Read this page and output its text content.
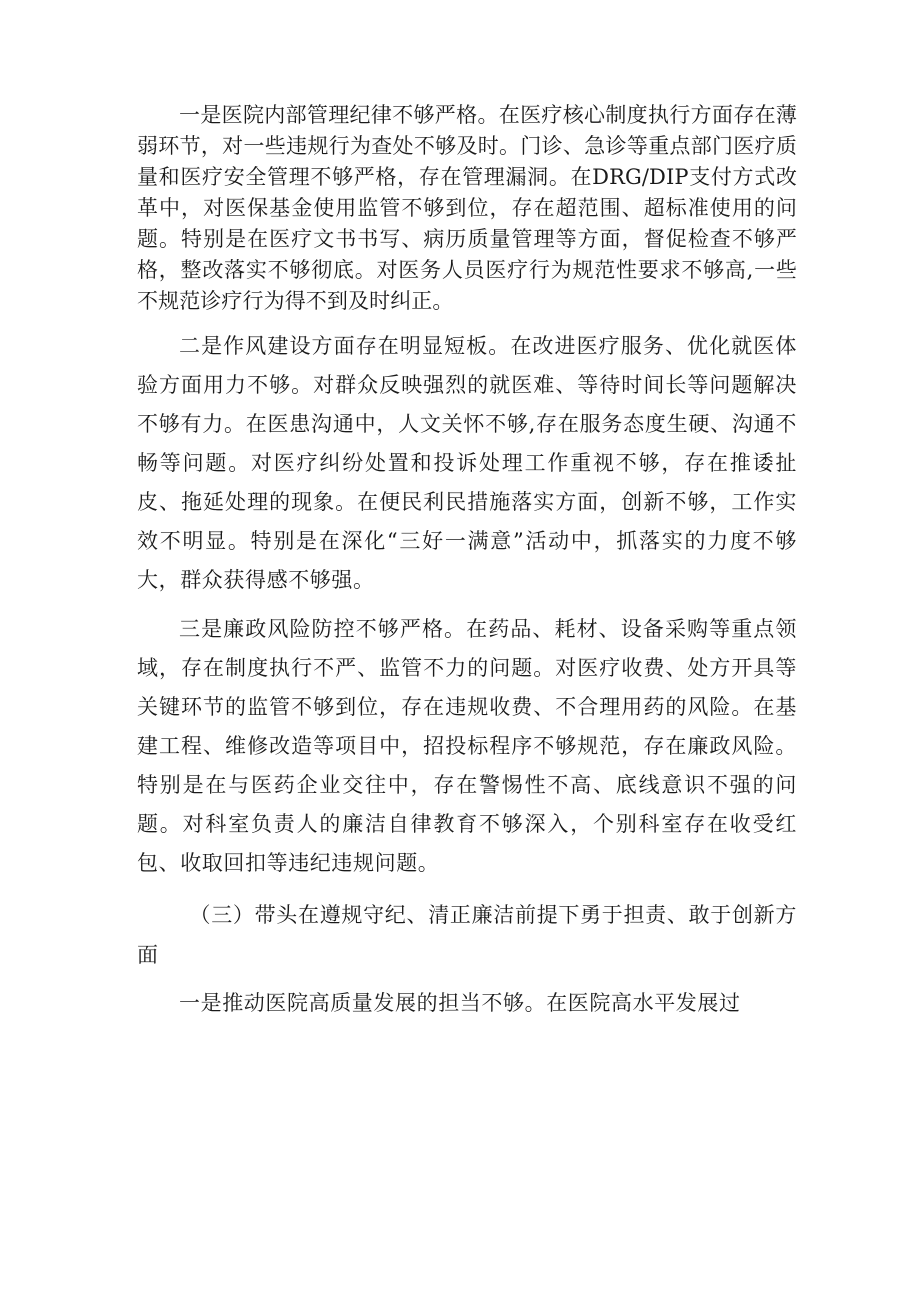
一是医院内部管理纪律不够严格。在医疗核心制度执行方面存在薄弱环节，对一些违规行为查处不够及时。门诊、急诊等重点部门医疗质量和医疗安全管理不够严格，存在管理漏洞。在DRG/DIP支付方式改革中，对医保基金使用监管不够到位，存在超范围、超标准使用的问题。特别是在医疗文书书写、病历质量管理等方面，督促检查不够严格，整改落实不够彻底。对医务人员医疗行为规范性要求不够高,一些不规范诊疗行为得不到及时纠正。

二是作风建设方面存在明显短板。在改进医疗服务、优化就医体验方面用力不够。对群众反映强烈的就医难、等待时间长等问题解决不够有力。在医患沟通中，人文关怀不够,存在服务态度生硬、沟通不畅等问题。对医疗纠纷处置和投诉处理工作重视不够，存在推诿扯皮、拖延处理的现象。在便民利民措施落实方面，创新不够，工作实效不明显。特别是在深化“三好一满意”活动中，抓落实的力度不够大，群众获得感不够强。

三是廉政风险防控不够严格。在药品、耗材、设备采购等重点领域，存在制度执行不严、监管不力的问题。对医疗收费、处方开具等关键环节的监管不够到位，存在违规收费、不合理用药的风险。在基建工程、维修改造等项目中，招投标程序不够规范，存在廉政风险。特别是在与医药企业交往中，存在警惕性不高、底线意识不强的问题。对科室负责人的廉洁自律教育不够深入，个别科室存在收受红包、收取回扣等违纪违规问题。

（三）带头在遵规守纪、清正廉洁前提下勇于担责、敢于创新方面

一是推动医院高质量发展的担当不够。在医院高水平发展过
